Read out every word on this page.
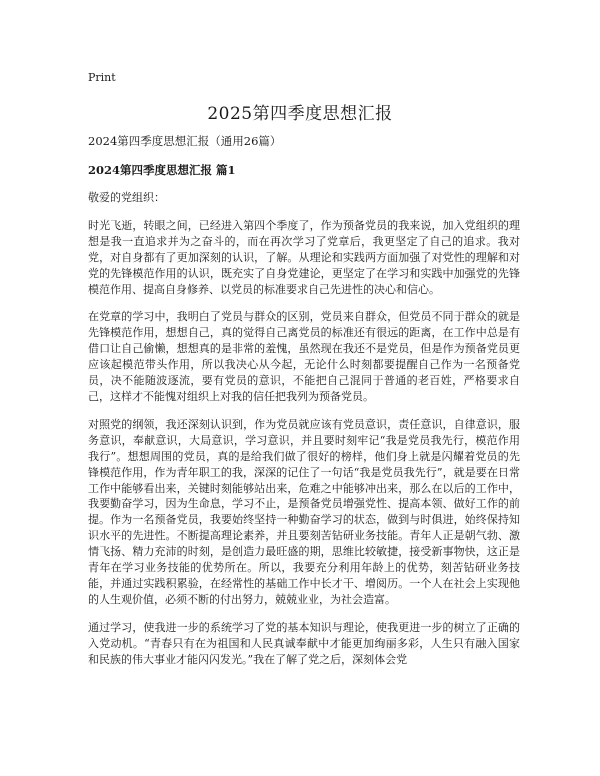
Print
2025第四季度思想汇报
2024第四季度思想汇报（通用26篇）
2024第四季度思想汇报 篇1

敬爱的党组织：

时光飞逝，转眼之间，已经进入第四个季度了，作为预备党员的我来说，加入党组织的理想是我一直追求并为之奋斗的，而在再次学习了党章后，我更坚定了自己的追求。我对党，对自身都有了更加深刻的认识，了解。从理论和实践两方面加强了对党性的理解和对党的先锋模范作用的认识，既充实了自身党建论，更坚定了在学习和实践中加强党的先锋模范作用、提高自身修养、以党员的标准要求自己先进性的决心和信心。

在党章的学习中，我明白了党员与群众的区别，党员来自群众，但党员不同于群众的就是先锋模范作用，想想自己，真的觉得自己离党员的标准还有很远的距离，在工作中总是有借口让自己偷懒，想想真的是非常的羞愧，虽然现在我还不是党员，但是作为预备党员更应该起模范带头作用，所以我决心从今起，无论什么时刻都要提醒自己作为一名预备党员，决不能随波逐流，要有党员的意识，不能把自己混同于普通的老百姓，严格要求自己，这样才不能愧对组织上对我的信任把我列为预备党员。

对照党的纲领，我还深刻认识到，作为党员就应该有党员意识，责任意识，自律意识，服务意识，奉献意识，大局意识，学习意识，并且要时刻牢记“我是党员我先行，模范作用我行”。想想周围的党员，真的是给我们做了很好的榜样，他们身上就是闪耀着党员的先锋模范作用，作为青年职工的我，深深的记住了一句话“我是党员我先行”，就是要在日常工作中能够看出来，关键时刻能够站出来，危难之中能够冲出来，那么在以后的工作中，我要勤奋学习，因为生命息，学习不止，是预备党员增强党性、提高本领、做好工作的前提。作为一名预备党员，我要始终坚持一种勤奋学习的状态，做到与时俱进，始终保持知识水平的先进性。不断提高理论素养，并且要刻苦钻研业务技能。青年人正是朝气勃、激情飞扬、精力充沛的时刻，是创造力最旺盛的期，思维比较敏捷，接受新事物快，这正是青年在学习业务技能的优势所在。所以，我要充分利用年龄上的优势，刻苦钻研业务技能，并通过实践积累验，在经常性的基础工作中长才干、增阅历。一个人在社会上实现他的人生观价值，必须不断的付出努力，兢兢业业，为社会造富。

通过学习，使我进一步的系统学习了党的基本知识与理论，使我更进一步的树立了正确的入党动机。“青春只有在为祖国和人民真诚奉献中才能更加绚丽多彩，人生只有融入国家和民族的伟大事业才能闪闪发光。”我在了解了党之后，深刻体会党
